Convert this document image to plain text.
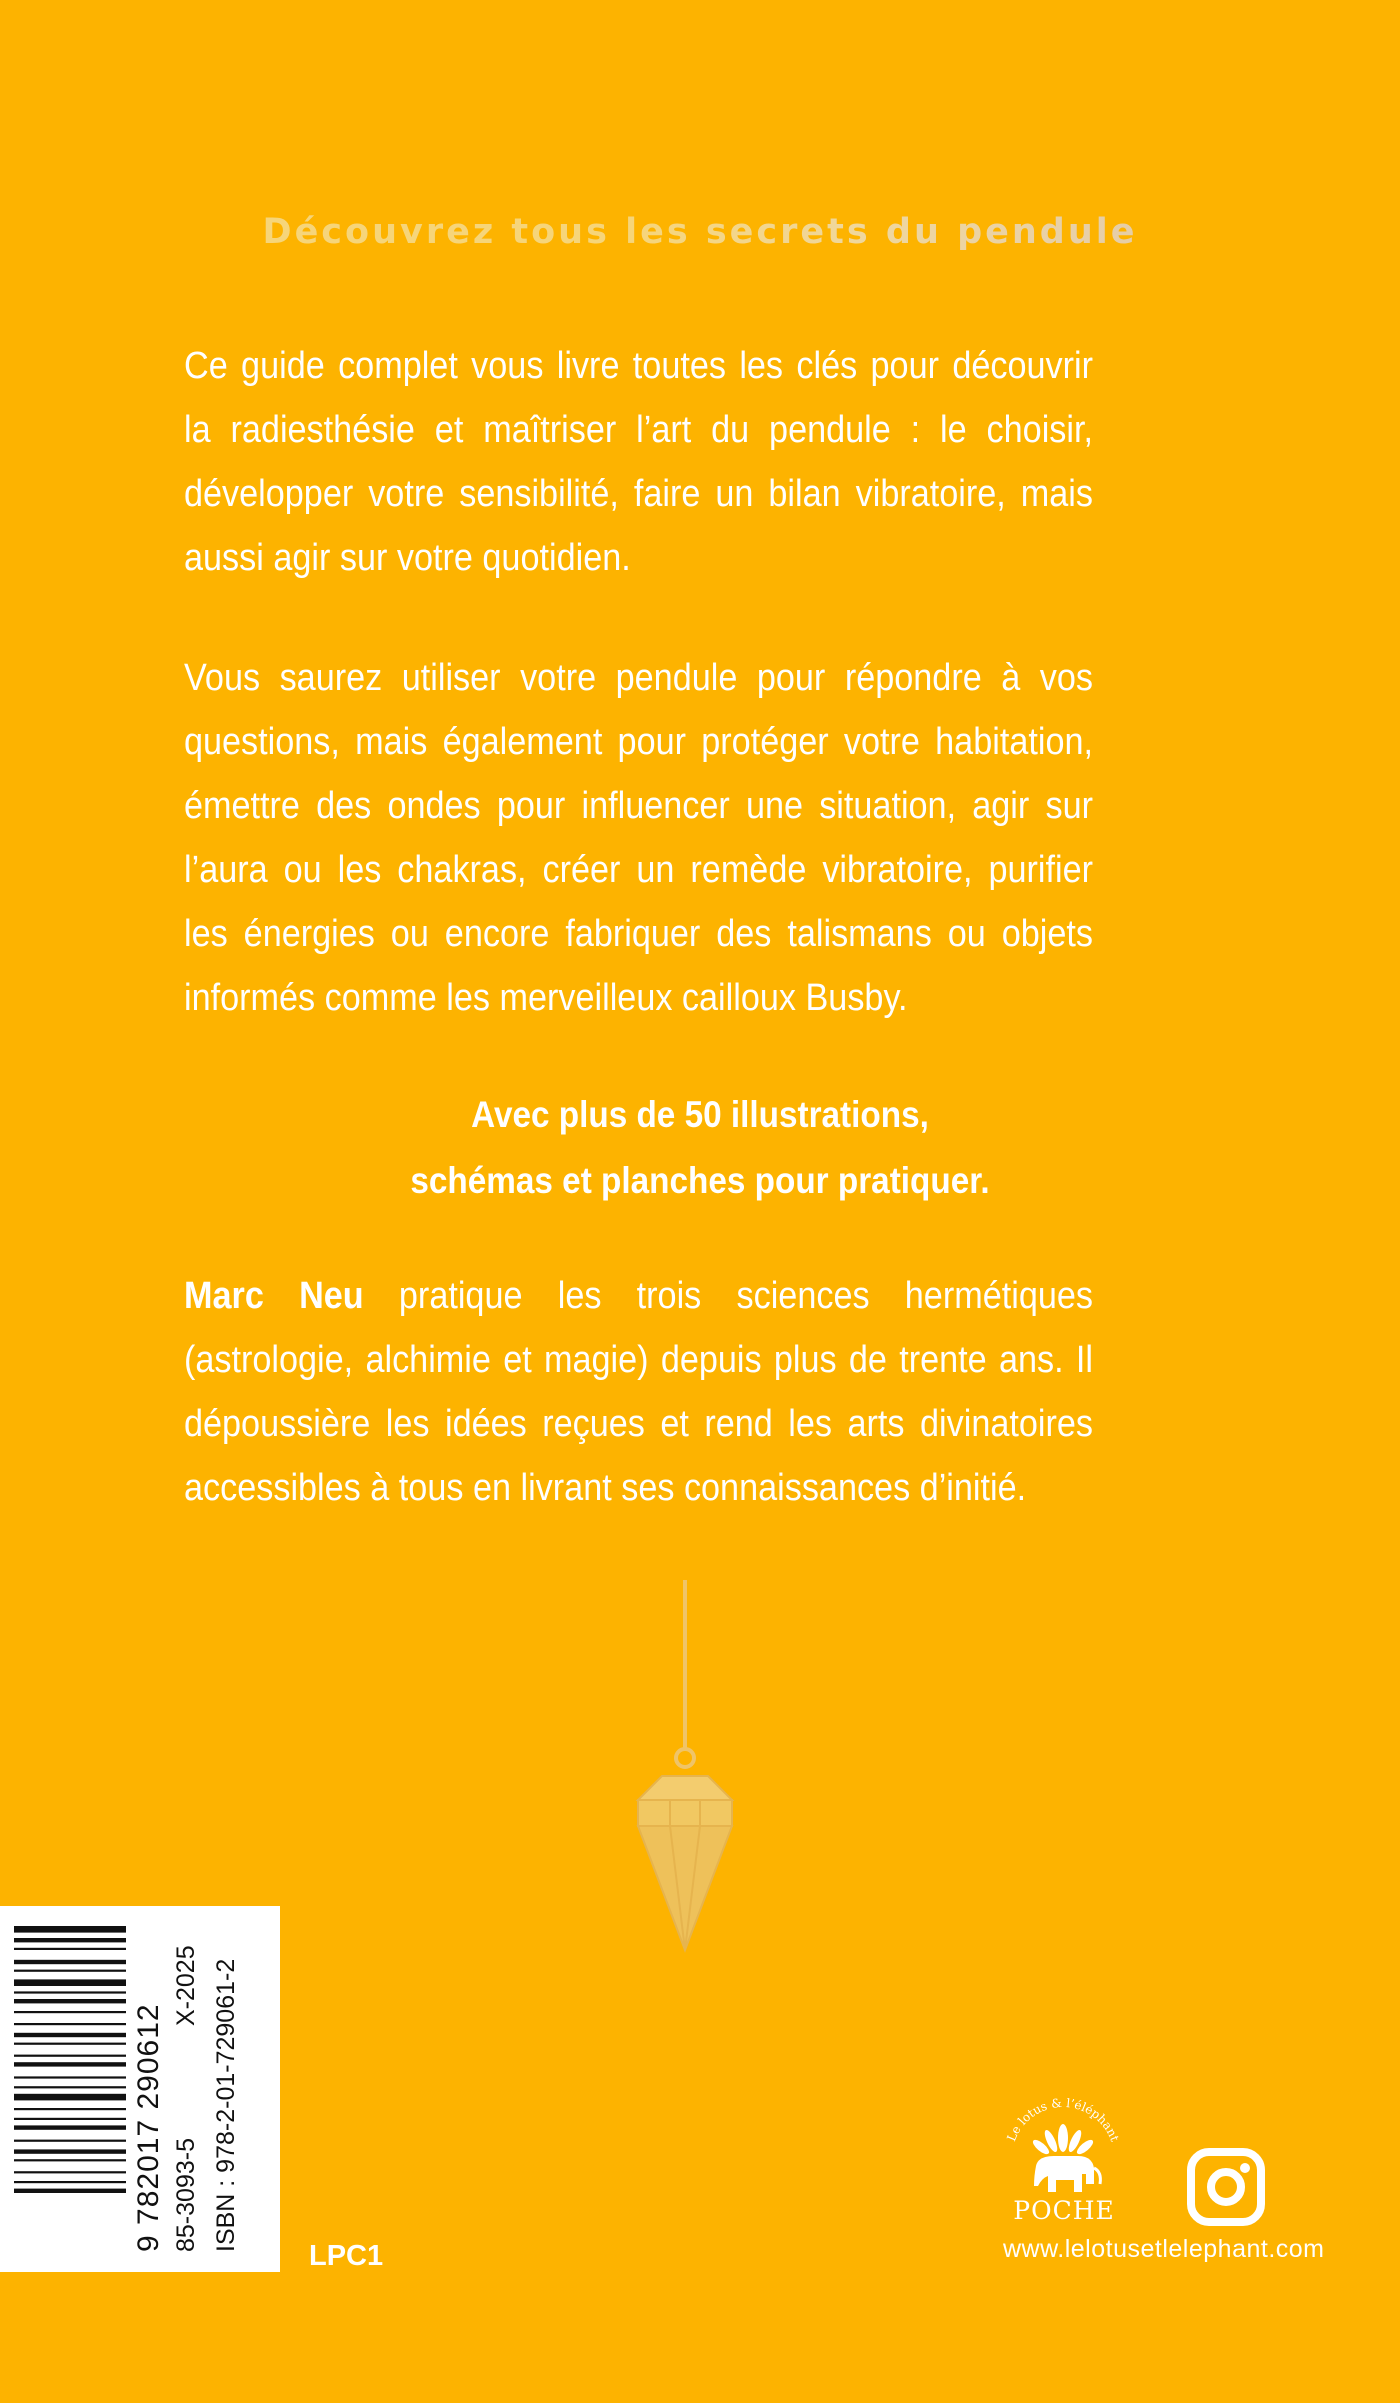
Découvrez tous les secrets du pendule

Ce guide complet vous livre toutes les clés pour découvrir la radiesthésie et maîtriser l’art du pendule : le choisir, développer votre sensibilité, faire un bilan vibratoire, mais aussi agir sur votre quotidien.

Vous saurez utiliser votre pendule pour répondre à vos questions, mais également pour protéger votre habitation, émettre des ondes pour influencer une situation, agir sur l’aura ou les chakras, créer un remède vibratoire, purifier les énergies ou encore fabriquer des talismans ou objets informés comme les merveilleux cailloux Busby.

Avec plus de 50 illustrations,
schémas et planches pour pratiquer.

Marc Neu pratique les trois sciences hermétiques (astrologie, alchimie et magie) depuis plus de trente ans. Il dépoussière les idées reçues et rend les arts divinatoires accessibles à tous en livrant ses connaissances d’initié.

9 782017 290612 85-3093-5
X-2025 ISBN : 978-2-01-729061-2
LPC1
Le lotus & l’éléphant
POCHE
www.lelotusetlelephant.com
